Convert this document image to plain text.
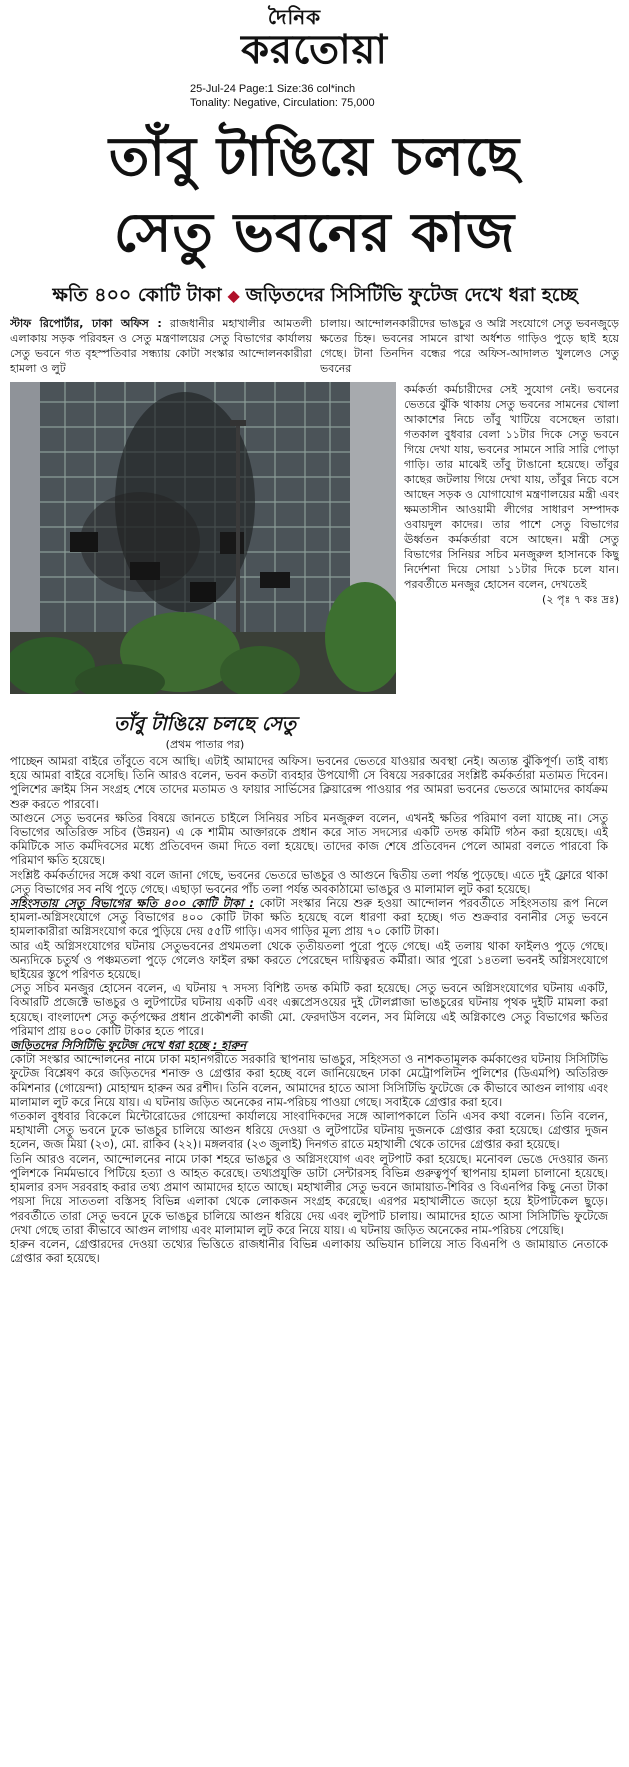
দৈনিক
করতোয়া
25-Jul-24 Page:1 Size:36 col*inch
Tonality: Negative, Circulation: 75,000
তাঁবু টাঙিয়ে চলছে
সেতু ভবনের কাজ
ক্ষতি ৪০০ কোটি টাকা ◆ জড়িতদের সিসিটিভি ফুটেজ দেখে ধরা হচ্ছে
স্টাফ রিপোর্টার, ঢাকা অফিস : রাজধানীর মহাখালীর আমতলী এলাকায় সড়ক পরিবহন ও সেতু মন্ত্রণালয়ের সেতু বিভাগের কার্যালয় সেতু ভবনে গত বৃহস্পতিবার সন্ধ্যায় কোটা সংস্কার আন্দোলনকারীরা হামলা ও লুট
চালায়। আন্দোলনকারীদের ভাঙচুর ও অগ্নি সংযোগে সেতু ভবনজুড়ে ক্ষতের চিহ্ন। ভবনের সামনে রাখা অর্ধশত গাড়িও পুড়ে ছাই হয়ে গেছে। টানা তিনদিন বন্ধের পরে অফিস-আদালত খুললেও সেতু ভবনের
কর্মকর্তা কর্মচারীদের সেই সুযোগ নেই। ভবনের ভেতরে ঝুঁকি থাকায় সেতু ভবনের সামনের খোলা আকাশের নিচে তাঁবু খাটিয়ে বসেছেন তারা। গতকাল বুধবার বেলা ১১টার দিকে সেতু ভবনে গিয়ে দেখা যায়, ভবনের সামনে সারি সারি পোড়া গাড়ি। তার মাঝেই তাঁবু টাঙানো হয়েছে। তাঁবুর কাছের জটলায় গিয়ে দেখা যায়, তাঁবুর নিচে বসে আছেন সড়ক ও যোগাযোগ মন্ত্রণালয়ের মন্ত্রী এবং ক্ষমতাসীন আওয়ামী লীগের সাধারণ সম্পাদক ওবায়দুল কাদের। তার পাশে সেতু বিভাগের ঊর্ধ্বতন কর্মকর্তারা বসে আছেন। মন্ত্রী সেতু বিভাগের সিনিয়র সচিব মনজুরুল হাসানকে কিছু নির্দেশনা দিয়ে সোয়া ১১টার দিকে চলে যান। পরবর্তীতে মনজুর হোসেন বলেন, দেখতেই
(২ পৃঃ ৭ কঃ দ্রঃ)
তাঁবু টাঙিয়ে চলছে সেতু
(প্রথম পাতার পর)

পাচ্ছেন আমরা বাইরে তাঁবুতে বসে আছি। এটাই আমাদের অফিস। ভবনের ভেতরে যাওয়ার অবস্থা নেই। অত্যন্ত ঝুঁকিপূর্ণ। তাই বাধ্য হয়ে আমরা বাইরে বসেছি। তিনি আরও বলেন, ভবন কতটা ব্যবহার উপযোগী সে বিষয়ে সরকারের সংশ্লিষ্ট কর্মকর্তারা মতামত দিবেন। পুলিশের ক্রাইম সিন সংগ্রহ শেষে তাদের মতামত ও ফায়ার সার্ভিসের ক্লিয়ারেন্স পাওয়ার পর আমরা ভবনের ভেতরে আমাদের কার্যক্রম শুরু করতে পারবো।

আগুনে সেতু ভবনের ক্ষতির বিষয়ে জানতে চাইলে সিনিয়র সচিব মনজুরুল বলেন, এখনই ক্ষতির পরিমাণ বলা যাচ্ছে না। সেতু বিভাগের অতিরিক্ত সচিব (উন্নয়ন) এ কে শামীম আক্তারকে প্রধান করে সাত সদস্যের একটি তদন্ত কমিটি গঠন করা হয়েছে। এই কমিটিকে সাত কর্মদিবসের মধ্যে প্রতিবেদন জমা দিতে বলা হয়েছে। তাদের কাজ শেষে প্রতিবেদন পেলে আমরা বলতে পারবো কি পরিমাণ ক্ষতি হয়েছে।

সংশ্লিষ্ট কর্মকর্তাদের সঙ্গে কথা বলে জানা গেছে, ভবনের ভেতরে ভাঙচুর ও আগুনে দ্বিতীয় তলা পর্যন্ত পুড়েছে। এতে দুই ফ্লোরে থাকা সেতু বিভাগের সব নথি পুড়ে গেছে। এছাড়া ভবনের পাঁচ তলা পর্যন্ত অবকাঠামো ভাঙচুর ও মালামাল লুট করা হয়েছে।

সহিংসতায় সেতু বিভাগের ক্ষতি ৪০০ কোটি টাকা : কোটা সংস্কার নিয়ে শুরু হওয়া আন্দোলন পরবর্তীতে সহিংসতায় রূপ নিলে হামলা-অগ্নিসংযোগে সেতু বিভাগের ৪০০ কোটি টাকা ক্ষতি হয়েছে বলে ধারণা করা হচ্ছে। গত শুক্রবার বনানীর সেতু ভবনে হামলাকারীরা অগ্নিসংযোগ করে পুড়িয়ে দেয় ৫৫টি গাড়ি। এসব গাড়ির মূল্য প্রায় ৭০ কোটি টাকা।

আর এই অগ্নিসংযোগের ঘটনায় সেতুভবনের প্রথমতলা থেকে তৃতীয়তলা পুরো পুড়ে গেছে। এই তলায় থাকা ফাইলও পুড়ে গেছে। অন্যদিকে চতুর্থ ও পঞ্চমতলা পুড়ে গেলেও ফাইল রক্ষা করতে পেরেছেন দায়িত্বরত কর্মীরা। আর পুরো ১৪তলা ভবনই অগ্নিসংযোগে ছাইয়ের স্তূপে পরিণত হয়েছে।

সেতু সচিব মনজুর হোসেন বলেন, এ ঘটনায় ৭ সদস্য বিশিষ্ট তদন্ত কমিটি করা হয়েছে। সেতু ভবনে অগ্নিসংযোগের ঘটনায় একটি, বিআরটি প্রজেক্টে ভাঙচুর ও লুটপাটের ঘটনায় একটি এবং এক্সপ্রেসওয়ের দুই টোলপ্লাজা ভাঙচুরের ঘটনায় পৃথক দুইটি মামলা করা হয়েছে। বাংলাদেশ সেতু কর্তৃপক্ষের প্রধান প্রকৌশলী কাজী মো. ফেরদাউস বলেন, সব মিলিয়ে এই অগ্নিকাণ্ডে সেতু বিভাগের ক্ষতির পরিমাণ প্রায় ৪০০ কোটি টাকার হতে পারে।

জড়িতদের সিসিটিভি ফুটেজ দেখে ধরা হচ্ছে : হারুন

কোটা সংস্কার আন্দোলনের নামে ঢাকা মহানগরীতে সরকারি স্থাপনায় ভাঙচুর, সহিংসতা ও নাশকতামূলক কর্মকাণ্ডের ঘটনায় সিসিটিভি ফুটেজ বিশ্লেষণ করে জড়িতদের শনাক্ত ও গ্রেপ্তার করা হচ্ছে বলে জানিয়েছেন ঢাকা মেট্রোপলিটন পুলিশের (ডিএমপি) অতিরিক্ত কমিশনার (গোয়েন্দা) মোহাম্মদ হারুন অর রশীদ। তিনি বলেন, আমাদের হাতে আসা সিসিটিভি ফুটেজে কে কীভাবে আগুন লাগায় এবং মালামাল লুট করে নিয়ে যায়। এ ঘটনায় জড়িত অনেকের নাম-পরিচয় পাওয়া গেছে। সবাইকে গ্রেপ্তার করা হবে।

গতকাল বুধবার বিকেলে মিন্টোরোডের গোয়েন্দা কার্যালয়ে সাংবাদিকদের সঙ্গে আলাপকালে তিনি এসব কথা বলেন। তিনি বলেন, মহাখালী সেতু ভবনে ঢুকে ভাঙচুর চালিয়ে আগুন ধরিয়ে দেওয়া ও লুটপাটের ঘটনায় দুজনকে গ্রেপ্তার করা হয়েছে। গ্রেপ্তার দুজন হলেন, জজ মিয়া (২৩), মো. রাকিব (২২)। মঙ্গলবার (২৩ জুলাই) দিনগত রাতে মহাখালী থেকে তাদের গ্রেপ্তার করা হয়েছে।

তিনি আরও বলেন, আন্দোলনের নামে ঢাকা শহরে ভাঙচুর ও অগ্নিসংযোগ এবং লুটপাট করা হয়েছে। মনোবল ভেঙে দেওয়ার জন্য পুলিশকে নির্মমভাবে পিটিয়ে হত্যা ও আহত করেছে। তথ্যপ্রযুক্তি ডাটা সেন্টারসহ বিভিন্ন গুরুত্বপূর্ণ স্থাপনায় হামলা চালানো হয়েছে। হামলার রসদ সরবরাহ করার তথ্য প্রমাণ আমাদের হাতে আছে। মহাখালীর সেতু ভবনে জামায়াত-শিবির ও বিএনপির কিছু নেতা টাকা পয়সা দিয়ে সাততলা বস্তিসহ বিভিন্ন এলাকা থেকে লোকজন সংগ্রহ করেছে। এরপর মহাখালীতে জড়ো হয়ে ইটপাটকেল ছুড়ে। পরবর্তীতে তারা সেতু ভবনে ঢুকে ভাঙচুর চালিয়ে আগুন ধরিয়ে দেয় এবং লুটপাট চালায়। আমাদের হাতে আসা সিসিটিভি ফুটেজে দেখা গেছে তারা কীভাবে আগুন লাগায় এবং মালামাল লুট করে নিয়ে যায়। এ ঘটনায় জড়িত অনেকের নাম-পরিচয় পেয়েছি।

হারুন বলেন, গ্রেপ্তারদের দেওয়া তথ্যের ভিত্তিতে রাজধানীর বিভিন্ন এলাকায় অভিযান চালিয়ে সাত বিএনপি ও জামায়াত নেতাকে গ্রেপ্তার করা হয়েছে।
